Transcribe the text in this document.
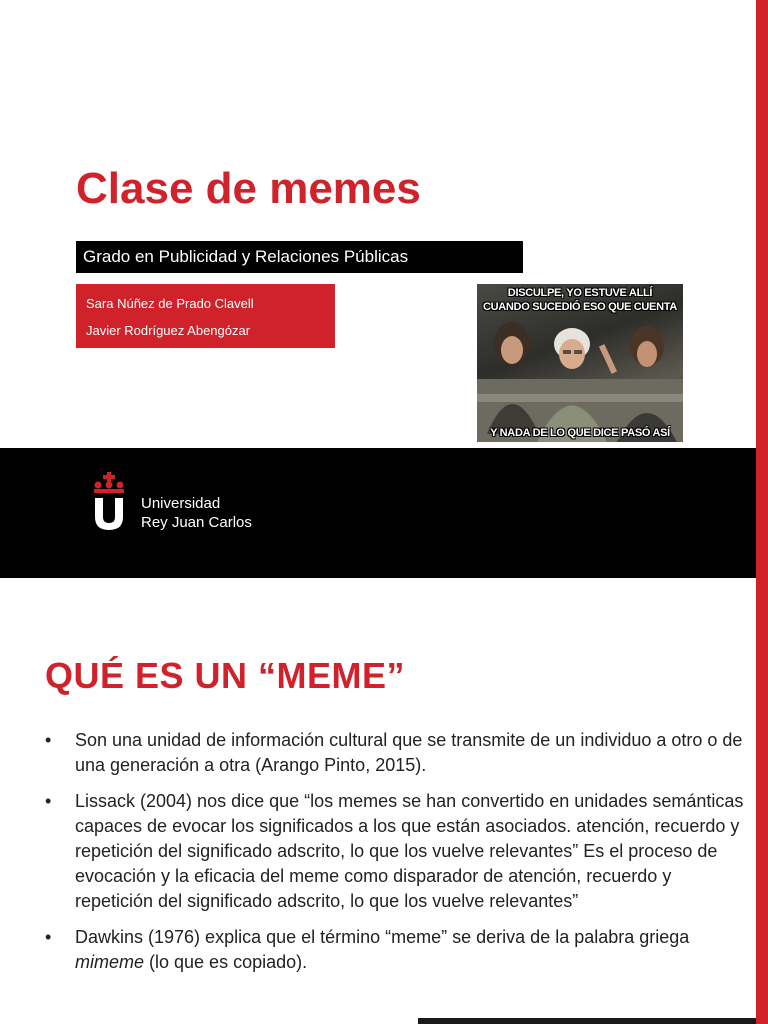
Clase de memes
Grado en Publicidad y Relaciones Públicas
Sara Núñez de Prado Clavell
Javier Rodríguez Abengózar
DISCULPE, YO ESTUVE ALLÍ
CUANDO SUCEDIÓ ESO QUE CUENTA
Y NADA DE LO QUE DICE PASÓ ASÍ
Universidad
Rey Juan Carlos
QUÉ ES UN “MEME”
• Son una unidad de información cultural que se transmite de un individuo a otro o de una generación a otra (Arango Pinto, 2015).
• Lissack (2004) nos dice que “los memes se han convertido en unidades semánticas capaces de evocar los significados a los que están asociados. atención, recuerdo y repetición del significado adscrito, lo que los vuelve relevantes” Es el proceso de evocación y la eficacia del meme como disparador de atención, recuerdo y repetición del significado adscrito, lo que los vuelve relevantes”
• Dawkins (1976) explica que el término “meme” se deriva de la palabra griega mimeme (lo que es copiado).
